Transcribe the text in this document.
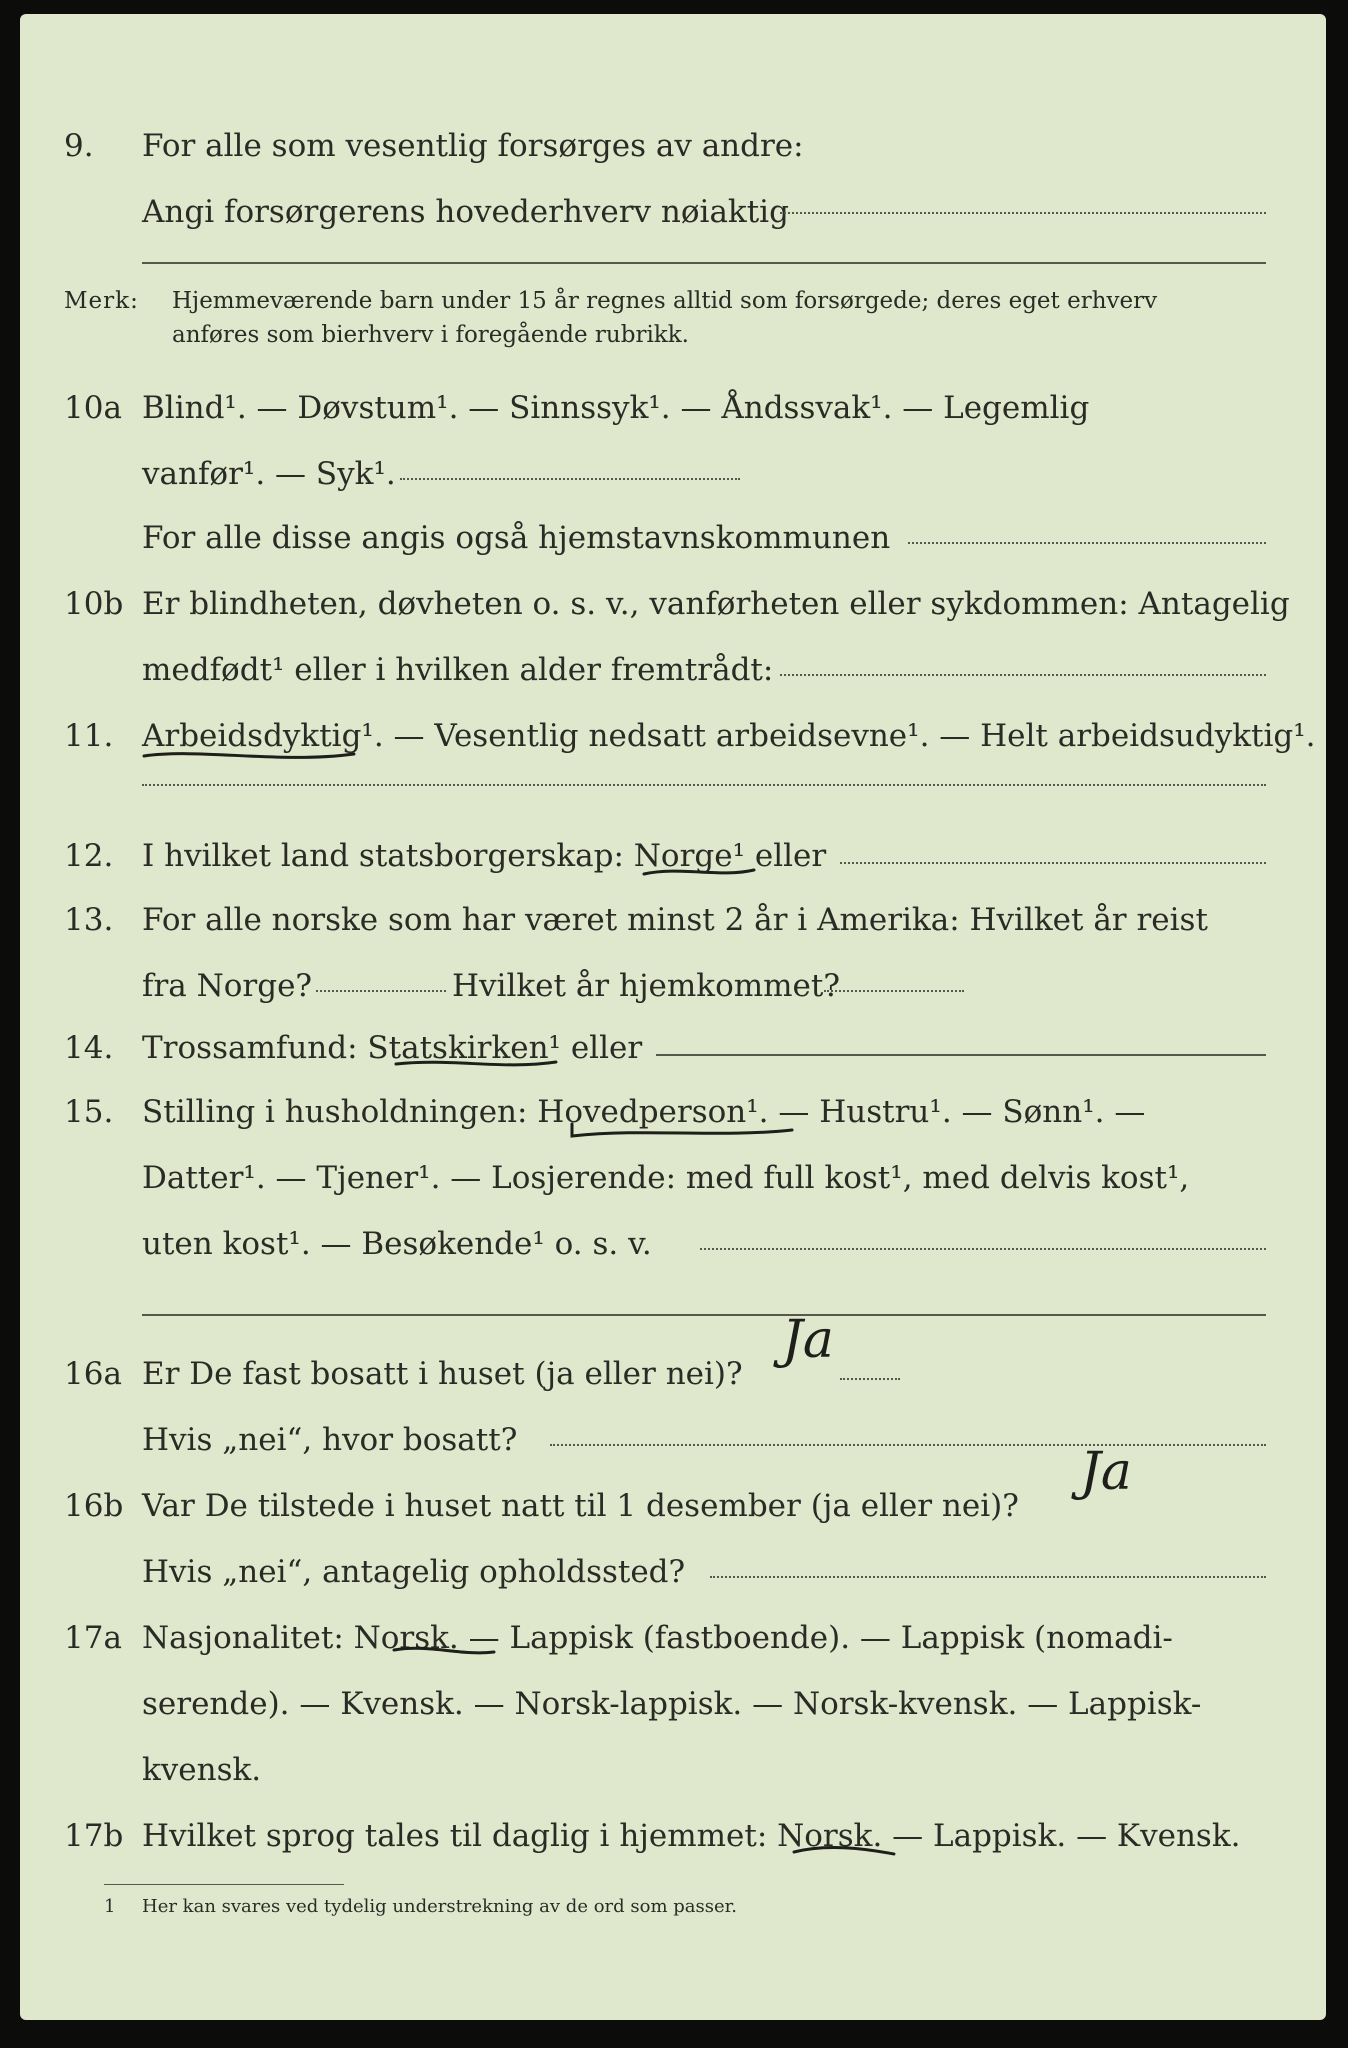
9.	For alle som vesentlig forsørges av andre:
Angi forsørgerens hovederhverv nøiaktig
Merk: Hjemmeværende barn under 15 år regnes alltid som forsørgede; deres eget erhverv
anføres som bierhverv i foregående rubrikk.
10a Blind¹. — Døvstum¹. — Sinnssyk¹. — Åndssvak¹. — Legemlig
vanfør¹. — Syk¹.
For alle disse angis også hjemstavnskommunen
10b Er blindheten, døvheten o. s. v., vanførheten eller sykdommen: Antagelig
medfødt¹ eller i hvilken alder fremtrådt:
11. Arbeidsdyktig¹. — Vesentlig nedsatt arbeidsevne¹. — Helt arbeidsudyktig¹.
12. I hvilket land statsborgerskap: Norge¹ eller
13. For alle norske som har været minst 2 år i Amerika: Hvilket år reist
fra Norge?	Hvilket år hjemkommet?
14. Trossamfund: Statskirken¹ eller
15. Stilling i husholdningen: Hovedperson¹. — Hustru¹. — Sønn¹. —
Datter¹. — Tjener¹. — Losjerende: med full kost¹, med delvis kost¹,
uten kost¹. — Besøkende¹ o. s. v.
16a Er De fast bosatt i huset (ja eller nei)?
Ja
Hvis „nei“, hvor bosatt?
16b Var De tilstede i huset natt til 1 desember (ja eller nei)?
Ja
Hvis „nei“, antagelig opholdssted?
17a Nasjonalitet: Norsk. — Lappisk (fastboende). — Lappisk (nomadi-
serende). — Kvensk. — Norsk-lappisk. — Norsk-kvensk. — Lappisk-
kvensk.
17b Hvilket sprog tales til daglig i hjemmet: Norsk. — Lappisk. — Kvensk.
1 Her kan svares ved tydelig understrekning av de ord som passer.
